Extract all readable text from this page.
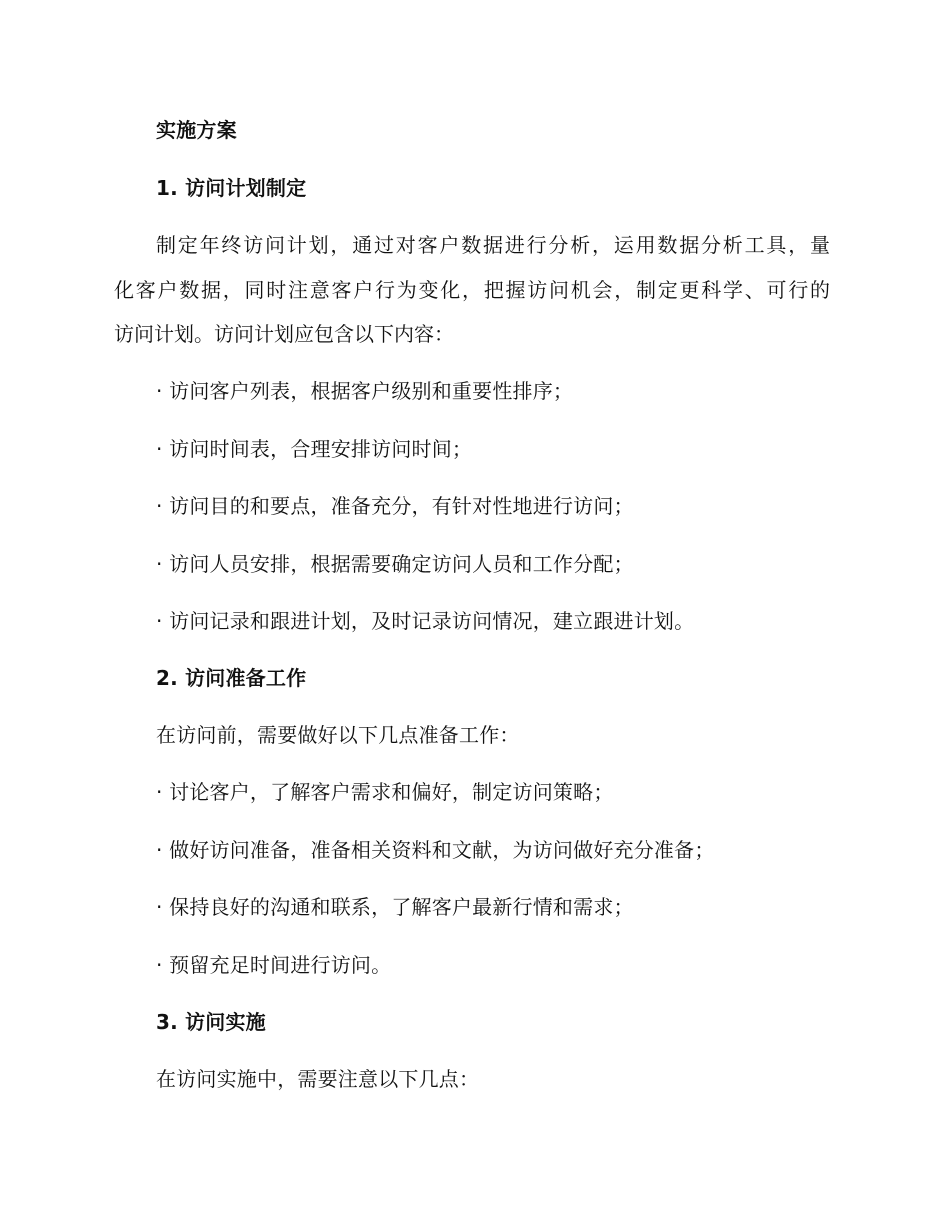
实施方案
1. 访问计划制定
制定年终访问计划，通过对客户数据进行分析，运用数据分析工具，量
化客户数据，同时注意客户行为变化，把握访问机会，制定更科学、可行的
访问计划。访问计划应包含以下内容：
· 访问客户列表，根据客户级别和重要性排序；
· 访问时间表，合理安排访问时间；
· 访问目的和要点，准备充分，有针对性地进行访问；
· 访问人员安排，根据需要确定访问人员和工作分配；
· 访问记录和跟进计划，及时记录访问情况，建立跟进计划。
2. 访问准备工作
在访问前，需要做好以下几点准备工作：
· 讨论客户，了解客户需求和偏好，制定访问策略；
· 做好访问准备，准备相关资料和文献，为访问做好充分准备；
· 保持良好的沟通和联系，了解客户最新行情和需求；
· 预留充足时间进行访问。
3. 访问实施
在访问实施中，需要注意以下几点：
